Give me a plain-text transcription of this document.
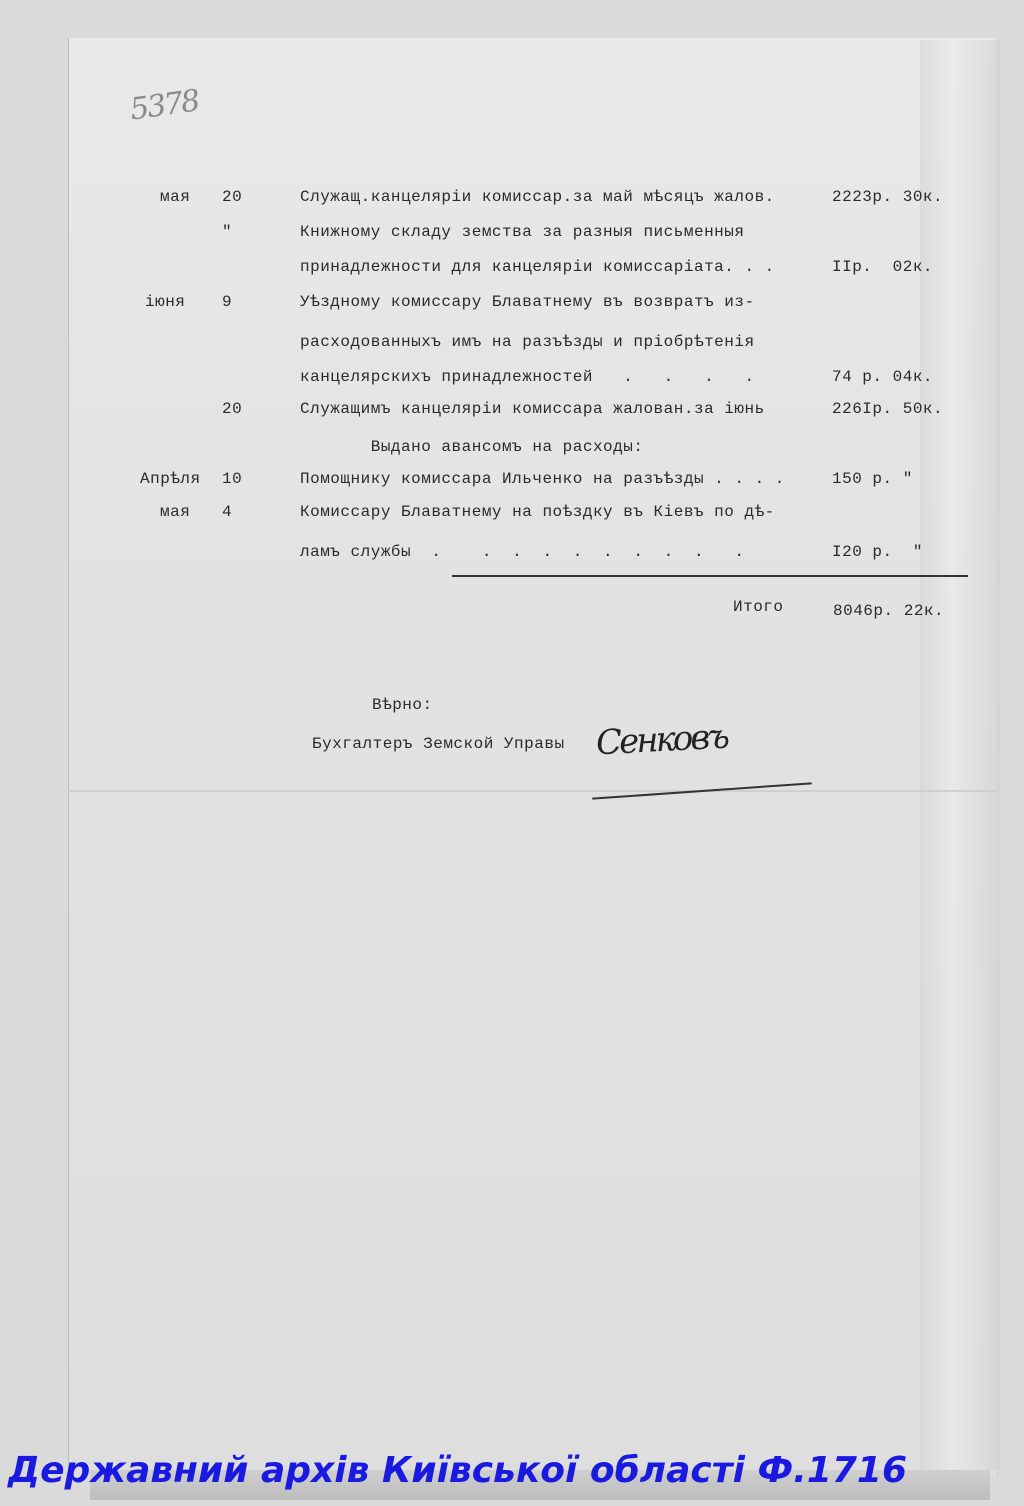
5378
мая 20	Служащ.канцеляріи комиссар.за май мѣсяцъ жалов.	2223р. 30к.
"	Книжному складу земства за разныя письменныя
принадлежности для канцеляріи комиссаріата. . .	IIр.  02к.
іюня 9	Уѣздному комиссару Блаватнему въ возвратъ из-
расходованныхъ имъ на разъѣзды и пріобрѣтенія
канцелярскихъ принадлежностей   .   .   .   .	74 р. 04к.
20	Служащимъ канцеляріи комиссара жалован.за іюнь	226Iр. 50к.
Выдано авансомъ на расходы:
Апрѣля 10	Помощнику комиссара Ильченко на разъѣзды . . . .	150 р. "
мая 4	Комиссару Блаватнему на поѣздку въ Кіевъ по дѣ-
ламъ службы  .    .  .  .  .  .  .  .  .   .	I20 р.  "
Итого	8046р. 22к.
Вѣрно:
Бухгалтеръ Земской Управы Сенковъ
Державний архів Київської області Ф.1716
